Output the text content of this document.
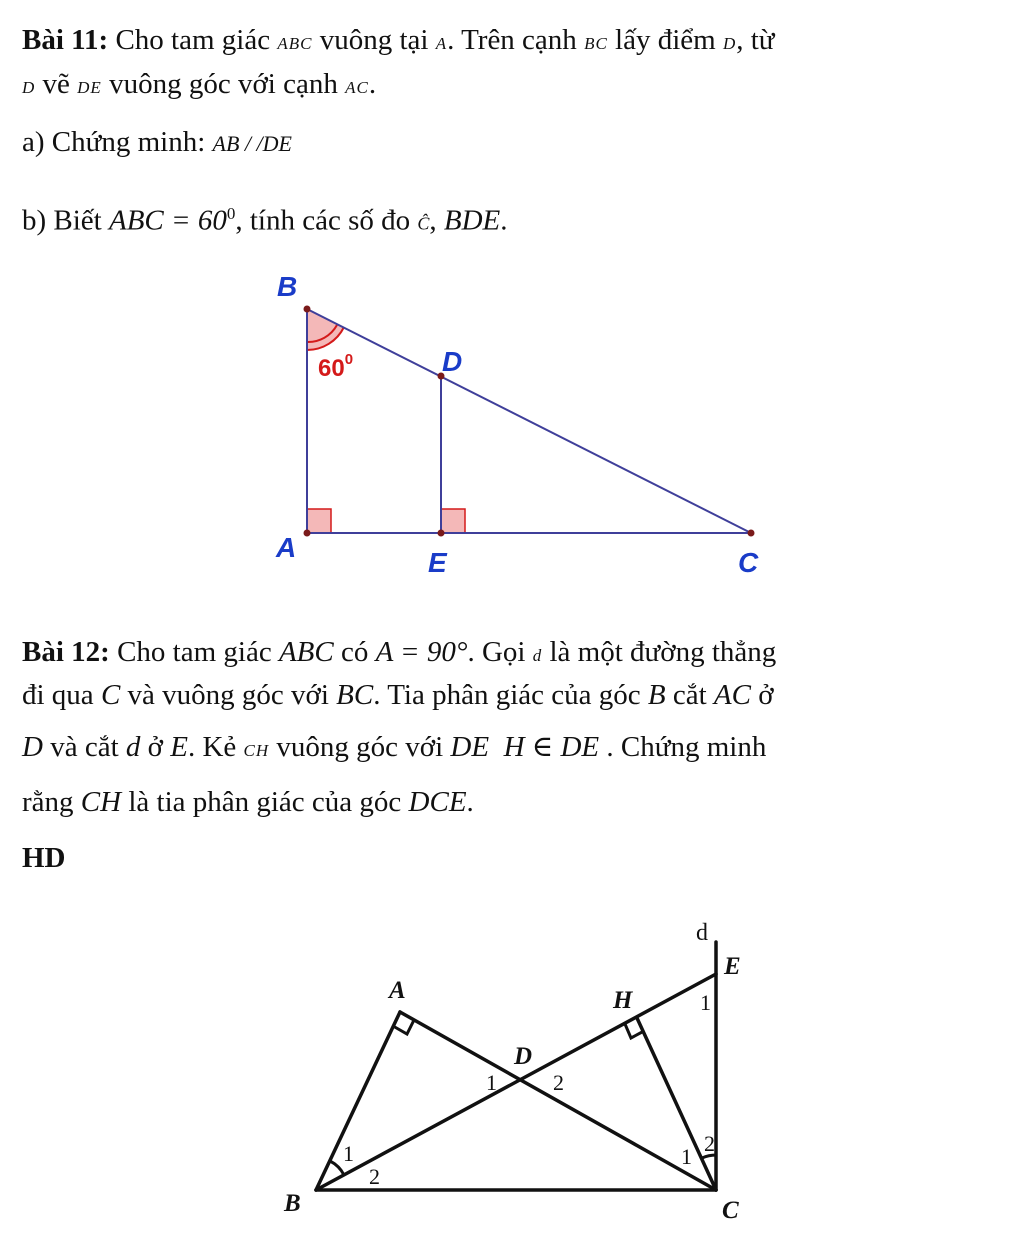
Bài 11: Cho tam giác ABC vuông tại A. Trên cạnh BC lấy điểm D, từ
D vẽ DE vuông góc với cạnh AC.
a) Chứng minh: AB / /DE
b) Biết ABC = $60^0$, tính các số đo Ĉ, BDE.
B
D
A	E	C
$60^0$
Bài 12: Cho tam giác ABC có A = 90°. Gọi d là một đường thẳng
đi qua C và vuông góc với BC. Tia phân giác của góc B cắt AC ở
D và cắt d ở E. Kẻ CH vuông góc với DE H ∈ DE . Chứng minh
rằng CH là tia phân giác của góc DCE.
HD
d
E
A	H
D
B	C
1
1	2
1
2
1
2
